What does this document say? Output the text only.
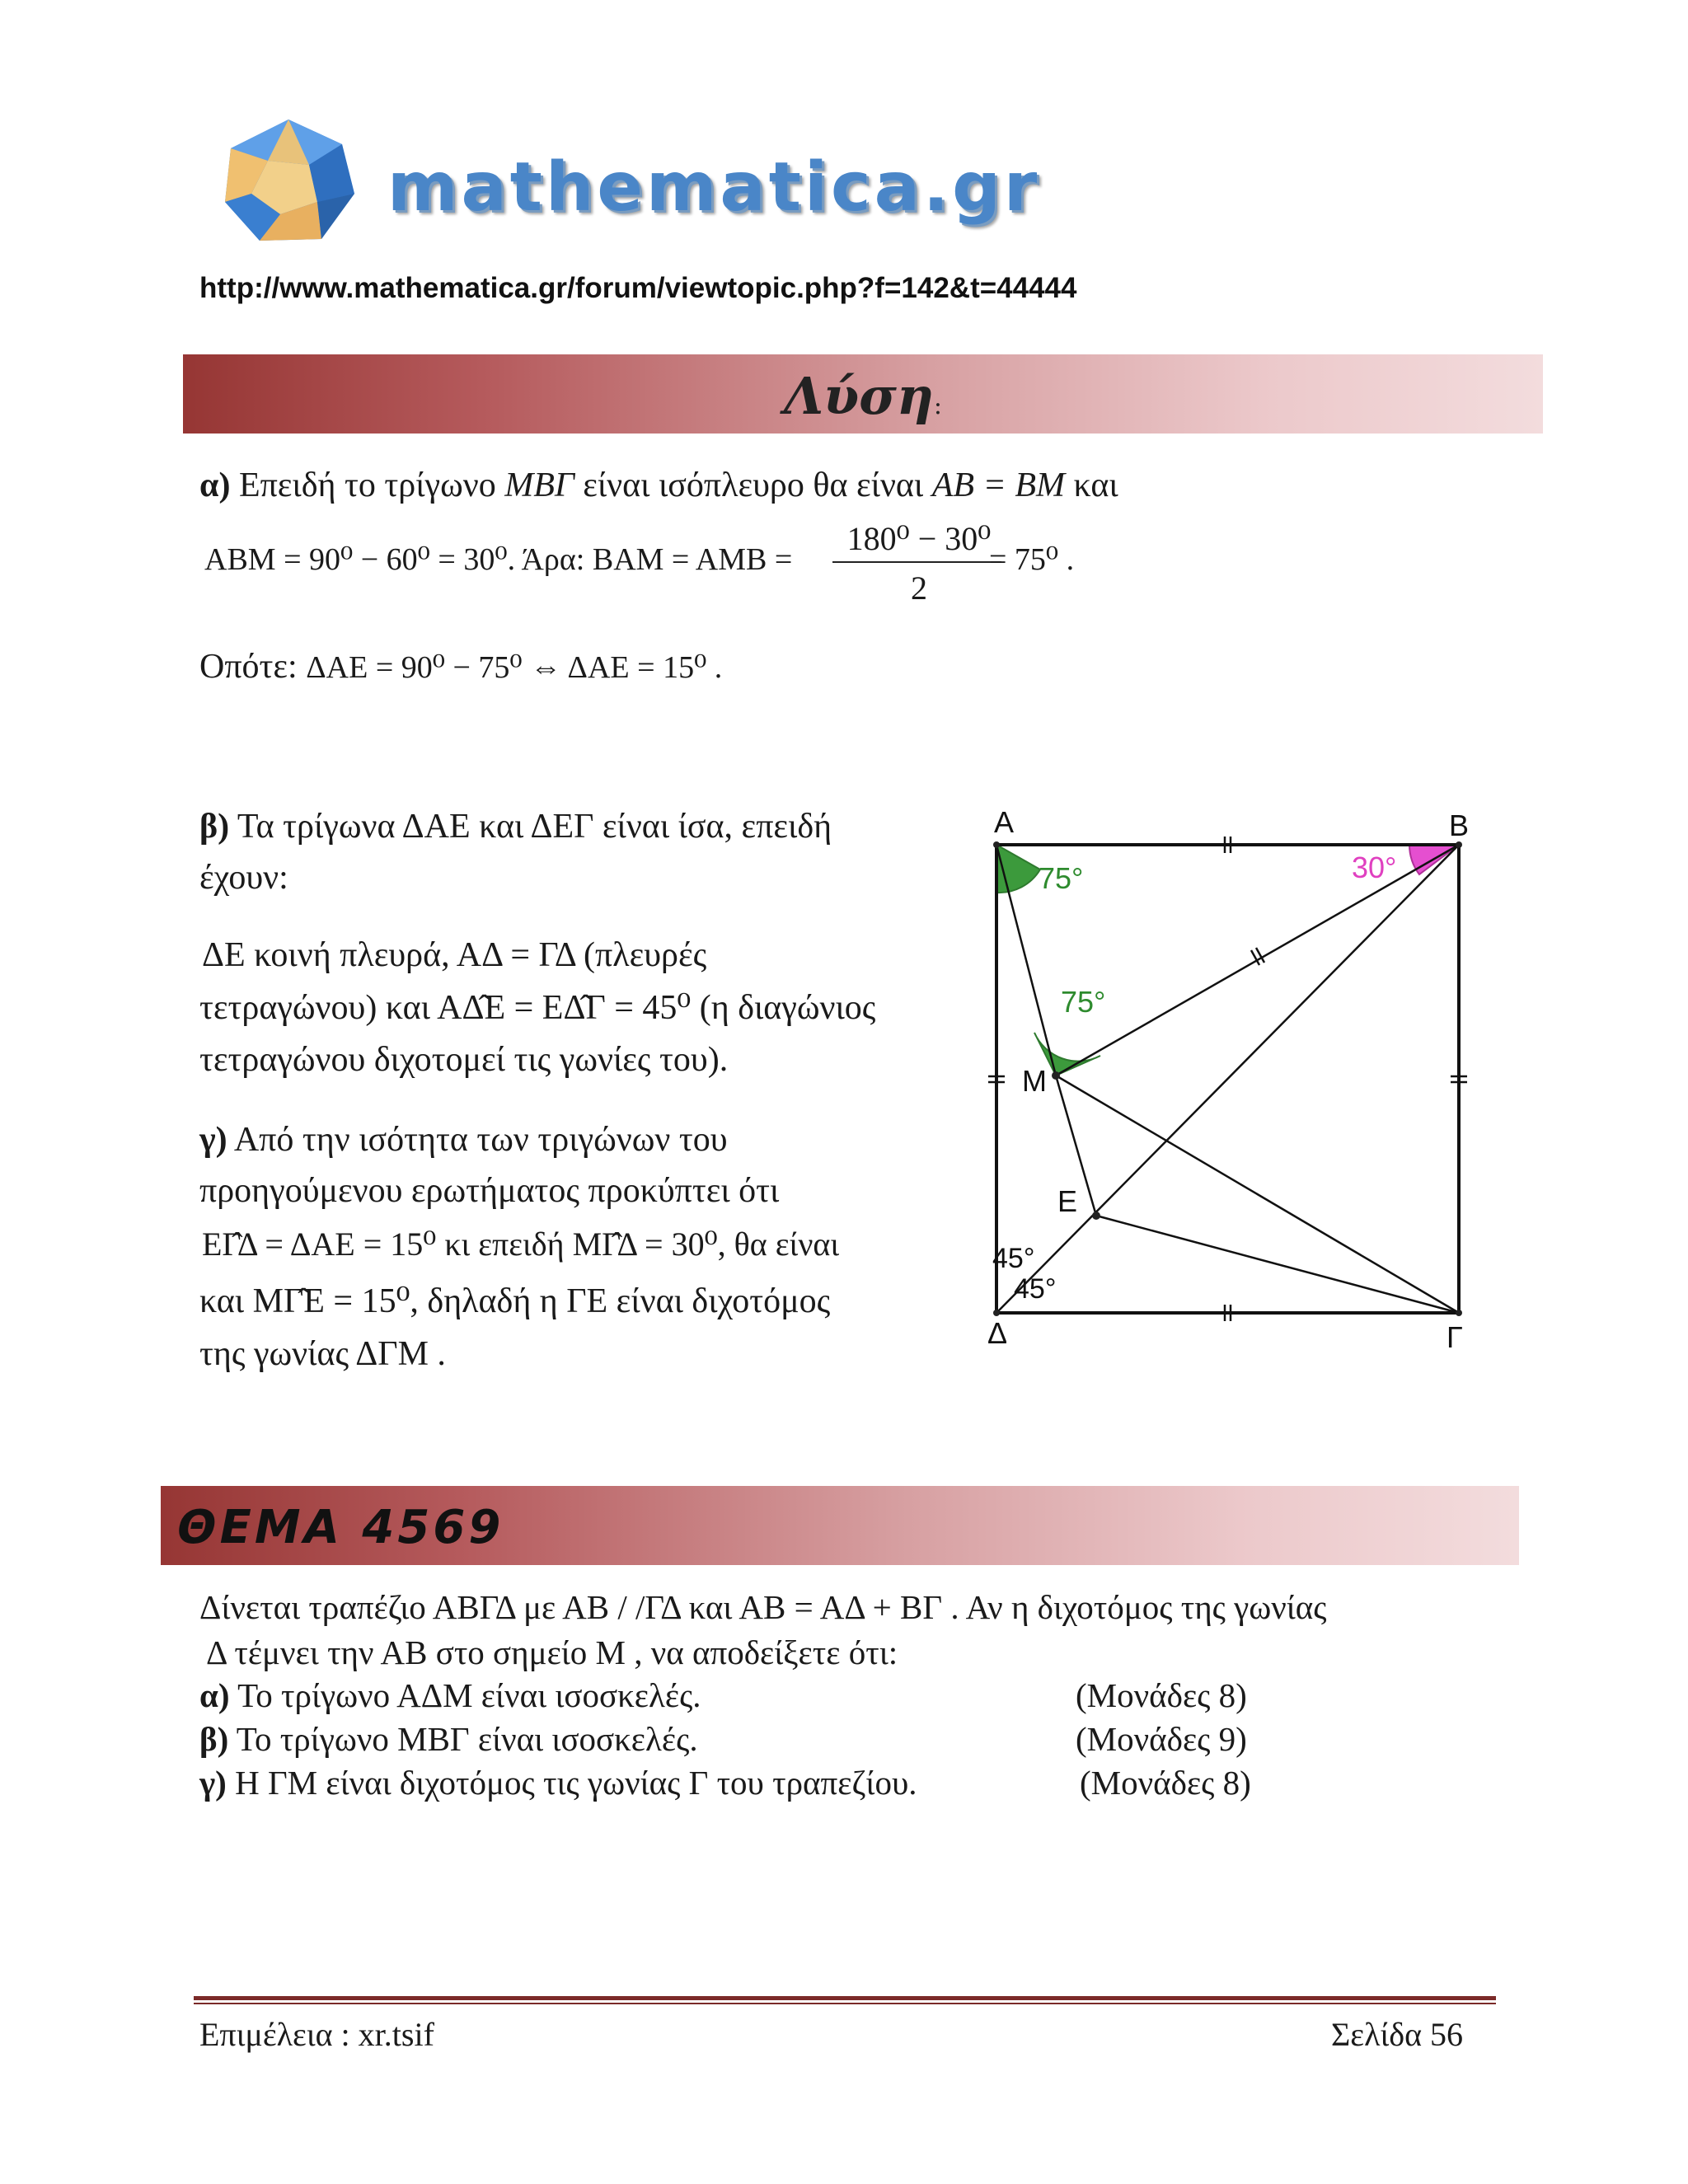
mathematica.gr
http://www.mathematica.gr/forum/viewtopic.php?f=142&t=44444
Λύση:
α) Επειδή το τρίγωνο ΜΒΓ είναι ισόπλευρο θα είναι ΑΒ = ΒΜ και
ΑΒΜ = 90⁰ − 60⁰ = 30⁰. Άρα: ΒΑΜ = ΑΜΒ =
180⁰ − 30⁰
2
= 75⁰ .
Οπότε: ΔΑΕ = 90⁰ − 75⁰ ⇔ ΔΑΕ = 15⁰ .
β) Τα τρίγωνα ΔΑΕ και ΔΕΓ είναι ίσα, επειδή
έχουν:
ΔΕ κοινή πλευρά, ΑΔ = ΓΔ (πλευρές
τετραγώνου) και ΑΔ̂Ε = ΕΔ̂Γ = 45⁰ (η διαγώνιος
τετραγώνου διχοτομεί τις γωνίες του).
γ) Από την ισότητα των τριγώνων του
προηγούμενου ερωτήματος προκύπτει ότι
ΕΓ̂Δ = ΔΑΕ = 15⁰ κι επειδή ΜΓ̂Δ = 30⁰, θα είναι
και ΜΓ̂Ε = 15⁰, δηλαδή η ΓΕ είναι διχοτόμος
της γωνίας ΔΓΜ .
Α	Β
Γ
Δ
Μ
Ε
75°
75°
30°
45°
45°
ΘΕΜΑ 4569
Δίνεται τραπέζιο ΑΒΓΔ με ΑΒ / /ΓΔ και ΑΒ = ΑΔ + ΒΓ . Αν η διχοτόμος της γωνίας
Δ τέμνει την ΑΒ στο σημείο Μ , να αποδείξετε ότι:
α) Το τρίγωνο ΑΔΜ είναι ισοσκελές.	(Μονάδες 8)
β) Το τρίγωνο ΜΒΓ είναι ισοσκελές.	(Μονάδες 9)
γ) Η ΓΜ είναι διχοτόμος τις γωνίας Γ του τραπεζίου.	(Μονάδες 8)
Επιμέλεια : xr.tsif	Σελίδα 56
